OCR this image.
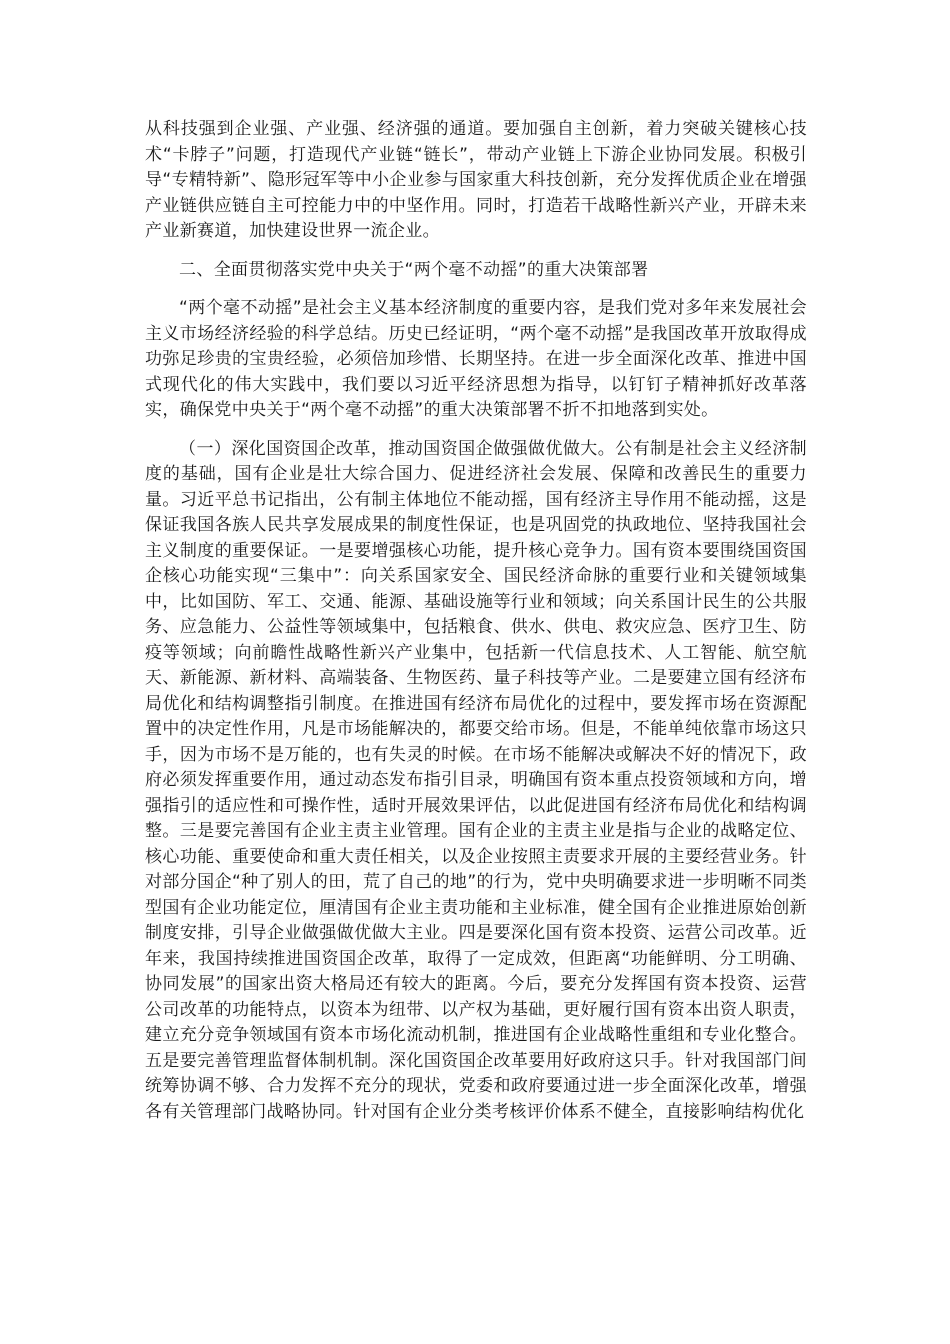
从科技强到企业强、产业强、经济强的通道。要加强自主创新，着力突破关键核心技术“卡脖子”问题，打造现代产业链“链长”，带动产业链上下游企业协同发展。积极引导“专精特新”、隐形冠军等中小企业参与国家重大科技创新，充分发挥优质企业在增强产业链供应链自主可控能力中的中坚作用。同时，打造若干战略性新兴产业，开辟未来产业新赛道，加快建设世界一流企业。

二、全面贯彻落实党中央关于“两个毫不动摇”的重大决策部署

“两个毫不动摇”是社会主义基本经济制度的重要内容，是我们党对多年来发展社会主义市场经济经验的科学总结。历史已经证明，“两个毫不动摇”是我国改革开放取得成功弥足珍贵的宝贵经验，必须倍加珍惜、长期坚持。在进一步全面深化改革、推进中国式现代化的伟大实践中，我们要以习近平经济思想为指导，以钉钉子精神抓好改革落实，确保党中央关于“两个毫不动摇”的重大决策部署不折不扣地落到实处。

（一）深化国资国企改革，推动国资国企做强做优做大。公有制是社会主义经济制度的基础，国有企业是壮大综合国力、促进经济社会发展、保障和改善民生的重要力量。习近平总书记指出，公有制主体地位不能动摇，国有经济主导作用不能动摇，这是保证我国各族人民共享发展成果的制度性保证，也是巩固党的执政地位、坚持我国社会主义制度的重要保证。一是要增强核心功能，提升核心竞争力。国有资本要围绕国资国企核心功能实现“三集中”：向关系国家安全、国民经济命脉的重要行业和关键领域集中，比如国防、军工、交通、能源、基础设施等行业和领域；向关系国计民生的公共服务、应急能力、公益性等领域集中，包括粮食、供水、供电、救灾应急、医疗卫生、防疫等领域；向前瞻性战略性新兴产业集中，包括新一代信息技术、人工智能、航空航天、新能源、新材料、高端装备、生物医药、量子科技等产业。二是要建立国有经济布局优化和结构调整指引制度。在推进国有经济布局优化的过程中，要发挥市场在资源配置中的决定性作用，凡是市场能解决的，都要交给市场。但是，不能单纯依靠市场这只手，因为市场不是万能的，也有失灵的时候。在市场不能解决或解决不好的情况下，政府必须发挥重要作用，通过动态发布指引目录，明确国有资本重点投资领域和方向，增强指引的适应性和可操作性，适时开展效果评估，以此促进国有经济布局优化和结构调整。三是要完善国有企业主责主业管理。国有企业的主责主业是指与企业的战略定位、核心功能、重要使命和重大责任相关，以及企业按照主责要求开展的主要经营业务。针对部分国企“种了别人的田，荒了自己的地”的行为，党中央明确要求进一步明晰不同类型国有企业功能定位，厘清国有企业主责功能和主业标准，健全国有企业推进原始创新制度安排，引导企业做强做优做大主业。四是要深化国有资本投资、运营公司改革。近年来，我国持续推进国资国企改革，取得了一定成效，但距离“功能鲜明、分工明确、协同发展”的国家出资大格局还有较大的距离。今后，要充分发挥国有资本投资、运营公司改革的功能特点，以资本为纽带、以产权为基础，更好履行国有资本出资人职责，建立充分竞争领域国有资本市场化流动机制，推进国有企业战略性重组和专业化整合。五是要完善管理监督体制机制。深化国资国企改革要用好政府这只手。针对我国部门间统筹协调不够、合力发挥不充分的现状，党委和政府要通过进一步全面深化改革，增强各有关管理部门战略协同。针对国有企业分类考核评价体系不健全，直接影响结构优化
